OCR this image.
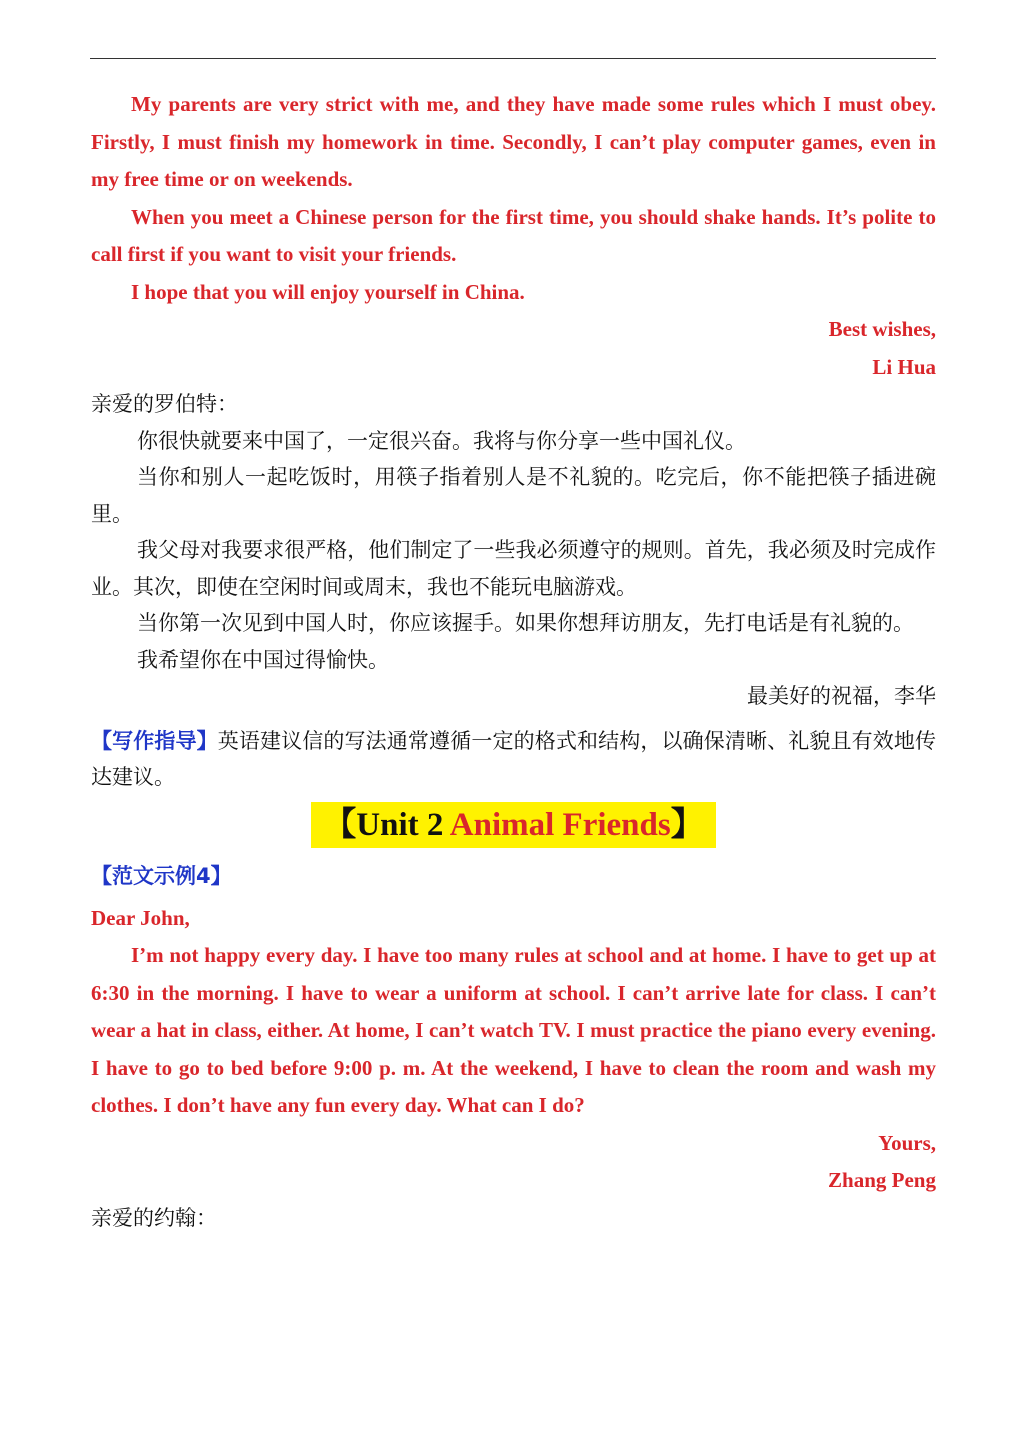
My parents are very strict with me, and they have made some rules which I must obey. Firstly, I must finish my homework in time. Secondly, I can’t play computer games, even in my free time or on weekends.

When you meet a Chinese person for the first time, you should shake hands. It’s polite to call first if you want to visit your friends.

I hope that you will enjoy yourself in China.

Best wishes,

Li Hua

亲爱的罗伯特：

你很快就要来中国了，一定很兴奋。我将与你分享一些中国礼仪。

当你和别人一起吃饭时，用筷子指着别人是不礼貌的。吃完后，你不能把筷子插进碗里。

我父母对我要求很严格，他们制定了一些我必须遵守的规则。首先，我必须及时完成作业。其次，即使在空闲时间或周末，我也不能玩电脑游戏。

当你第一次见到中国人时，你应该握手。如果你想拜访朋友，先打电话是有礼貌的。

我希望你在中国过得愉快。

最美好的祝福，李华

【写作指导】英语建议信的写法通常遵循一定的格式和结构，以确保清晰、礼貌且有效地传达建议。

【Unit 2 Animal Friends】

【范文示例4】

Dear John,

I’m not happy every day. I have too many rules at school and at home. I have to get up at 6:30 in the morning. I have to wear a uniform at school. I can’t arrive late for class. I can’t wear a hat in class, either. At home, I can’t watch TV. I must practice the piano every evening. I have to go to bed before 9:00 p. m. At the weekend, I have to clean the room and wash my clothes. I don’t have any fun every day. What can I do?

Yours,

Zhang Peng

亲爱的约翰：
